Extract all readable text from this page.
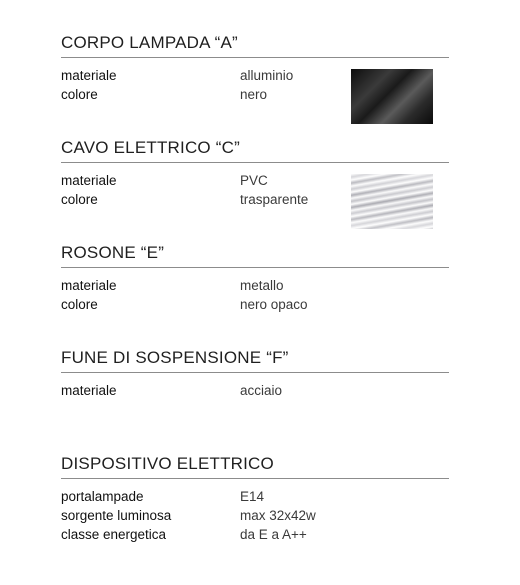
CORPO LAMPADA “A”
materiale	alluminio
colore	nero
CAVO ELETTRICO “C”
materiale	PVC
colore	trasparente
ROSONE “E”
materiale	metallo
colore	nero opaco
FUNE DI SOSPENSIONE “F”
materiale	acciaio
DISPOSITIVO ELETTRICO
portalampade	E14
sorgente luminosa	max 32x42w
classe energetica	da E a A++
